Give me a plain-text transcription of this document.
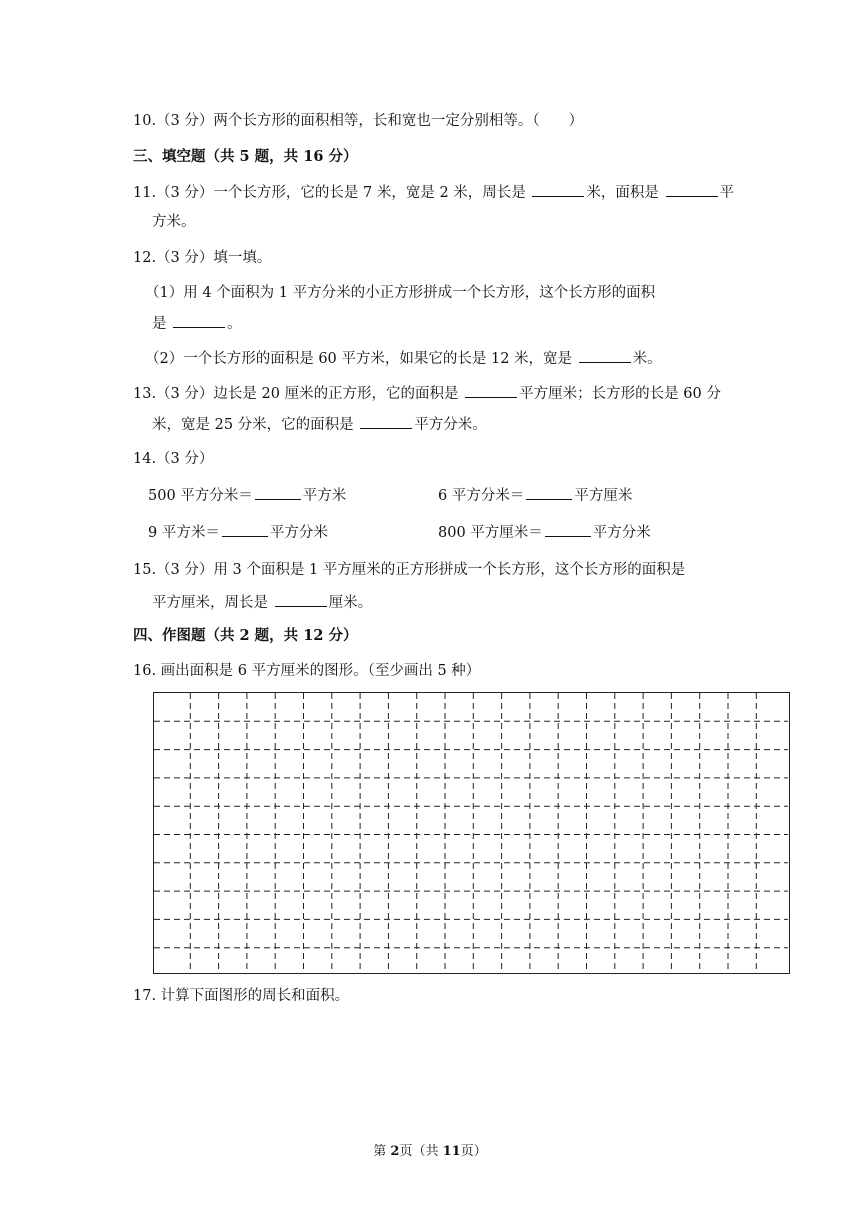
10.（3 分）两个长方形的面积相等，长和宽也一定分别相等。（　　）
三、填空题（共 5 题，共 16 分）
11.（3 分）一个长方形，它的长是 7 米，宽是 2 米，周长是	米，面积是	平
方米。
12.（3 分）填一填。
（1）用 4 个面积为 1 平方分米的小正方形拼成一个长方形，这个长方形的面积
是	。
（2）一个长方形的面积是 60 平方米，如果它的长是 12 米，宽是	米。
13.（3 分）边长是 20 厘米的正方形，它的面积是	平方厘米；长方形的长是 60 分
米，宽是 25 分米，它的面积是	平方分米。
14.（3 分）
500 平方分米＝	平方米	6 平方分米＝	平方厘米
9 平方米＝	平方分米	800 平方厘米＝	平方分米
15.（3 分）用 3 个面积是 1 平方厘米的正方形拼成一个长方形，这个长方形的面积是
平方厘米，周长是	厘米。
四、作图题（共 2 题，共 12 分）
16. 画出面积是 6 平方厘米的图形。（至少画出 5 种）
17. 计算下面图形的周长和面积。
第 2页（共 11页）
